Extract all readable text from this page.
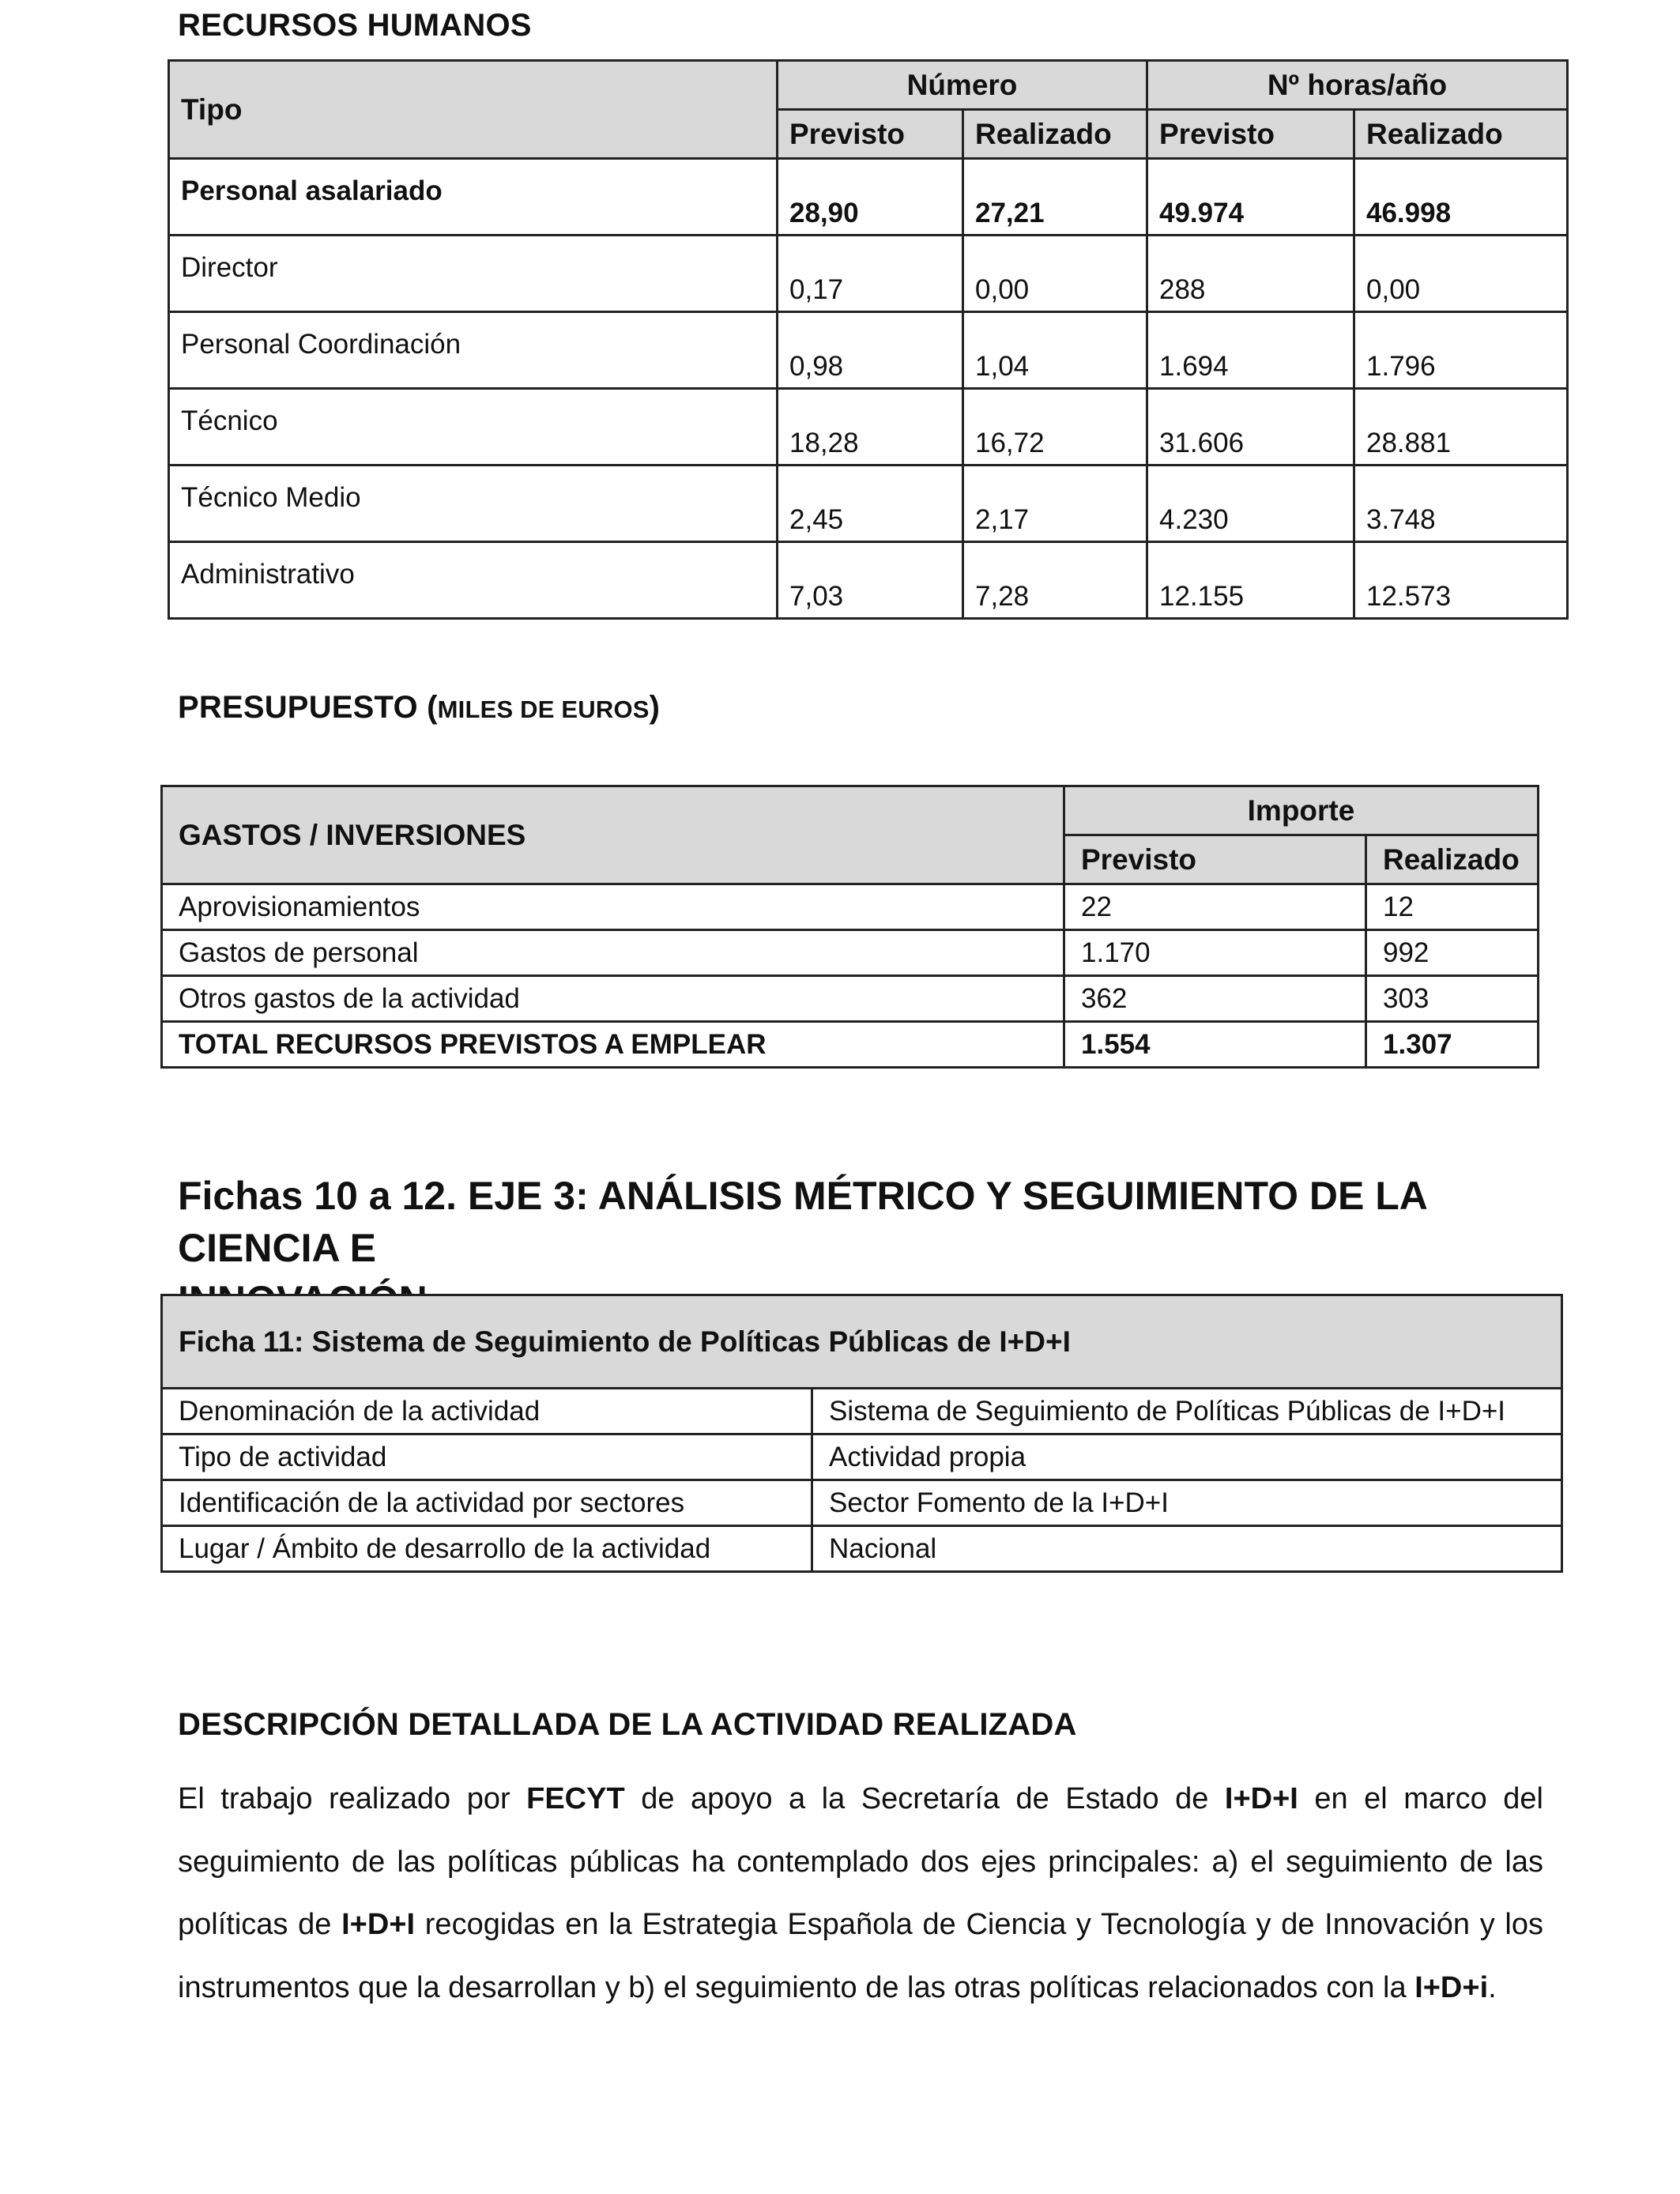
RECURSOS HUMANOS
Tipo	Número		Nº horas/año	
	Previsto	Realizado	Previsto	Realizado
Personal asalariado	28,90	27,21	49.974	46.998
Director	0,17	0,00	288	0,00
Personal Coordinación	0,98	1,04	1.694	1.796
Técnico	18,28	16,72	31.606	28.881
Técnico Medio	2,45	2,17	4.230	3.748
Administrativo	7,03	7,28	12.155	12.573
PRESUPUESTO (MILES DE EUROS)
GASTOS / INVERSIONES	Importe	
	Previsto	Realizado
Aprovisionamientos	22	12
Gastos de personal	1.170	992
Otros gastos de la actividad	362	303
TOTAL RECURSOS PREVISTOS A EMPLEAR	1.554	1.307
Fichas 10 a 12. EJE 3: ANÁLISIS MÉTRICO Y SEGUIMIENTO DE LA CIENCIA E
Ficha 11: Sistema de Seguimiento de Políticas Públicas de I+D+I	
Denominación de la actividad	Sistema de Seguimiento de Políticas Públicas de I+D+I
Tipo de actividad	Actividad propia
Identificación de la actividad por sectores	Sector Fomento de la I+D+I
Lugar / Ámbito de desarrollo de la actividad	Nacional
DESCRIPCIÓN DETALLADA DE LA ACTIVIDAD REALIZADA
El trabajo realizado por FECYT de apoyo a la Secretaría de Estado de I+D+I en el marco del seguimiento de las políticas públicas ha contemplado dos ejes principales: a) el seguimiento de las políticas de I+D+I recogidas en la Estrategia Española de Ciencia y Tecnología y de Innovación y los instrumentos que la desarrollan y b) el seguimiento de las otras políticas relacionados con la I+D+i.
